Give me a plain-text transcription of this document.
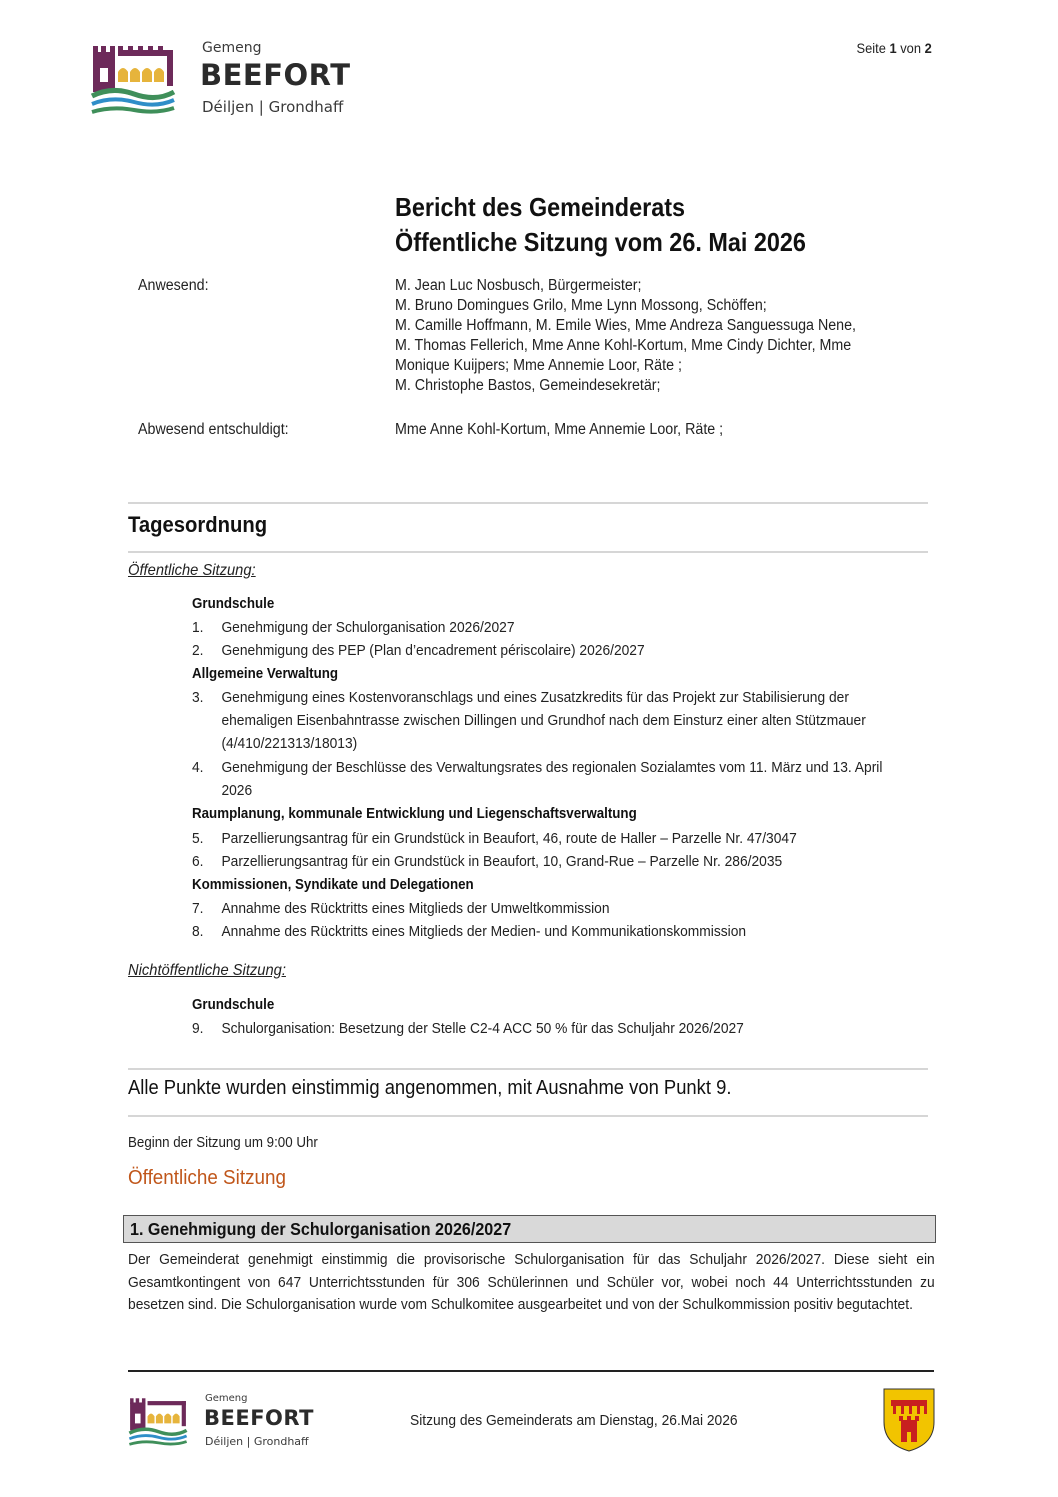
Gemeng
BEEFORT
Déiljen | Grondhaff
Seite 1 von 2
Bericht des Gemeinderats
Öffentliche Sitzung vom 26. Mai 2026
Anwesend:	M. Jean Luc Nosbusch, Bürgermeister;
M. Bruno Domingues Grilo, Mme Lynn Mossong, Schöffen;
M. Camille Hoffmann, M. Emile Wies, Mme Andreza Sanguessuga Nene,
M. Thomas Fellerich, Mme Anne Kohl-Kortum, Mme Cindy Dichter, Mme
Monique Kuijpers; Mme Annemie Loor, Räte ;
M. Christophe Bastos, Gemeindesekretär;
Abwesend entschuldigt:	Mme Anne Kohl-Kortum, Mme Annemie Loor, Räte ;
Tagesordnung
Öffentliche Sitzung:
Grundschule
1. Genehmigung der Schulorganisation 2026/2027
2. Genehmigung des PEP (Plan d’encadrement périscolaire) 2026/2027
Allgemeine Verwaltung
3. Genehmigung eines Kostenvoranschlags und eines Zusatzkredits für das Projekt zur Stabilisierung der
ehemaligen Eisenbahntrasse zwischen Dillingen und Grundhof nach dem Einsturz einer alten Stützmauer
(4/410/221313/18013)
4. Genehmigung der Beschlüsse des Verwaltungsrates des regionalen Sozialamtes vom 11. März und 13. April
2026
Raumplanung, kommunale Entwicklung und Liegenschaftsverwaltung
5. Parzellierungsantrag für ein Grundstück in Beaufort, 46, route de Haller – Parzelle Nr. 47/3047
6. Parzellierungsantrag für ein Grundstück in Beaufort, 10, Grand-Rue – Parzelle Nr. 286/2035
Kommissionen, Syndikate und Delegationen
7. Annahme des Rücktritts eines Mitglieds der Umweltkommission
8. Annahme des Rücktritts eines Mitglieds der Medien- und Kommunikationskommission
Nichtöffentliche Sitzung:
Grundschule
9. Schulorganisation: Besetzung der Stelle C2-4 ACC 50 % für das Schuljahr 2026/2027
Alle Punkte wurden einstimmig angenommen, mit Ausnahme von Punkt 9.
Beginn der Sitzung um 9:00 Uhr
Öffentliche Sitzung
1. Genehmigung der Schulorganisation 2026/2027
Der Gemeinderat genehmigt einstimmig die provisorische Schulorganisation für das Schuljahr 2026/2027. Diese sieht ein Gesamtkontingent von 647 Unterrichtsstunden für 306 Schülerinnen und Schüler vor, wobei noch 44 Unterrichtsstunden zu besetzen sind. Die Schulorganisation wurde vom Schulkomitee ausgearbeitet und von der Schulkommission positiv begutachtet.
Gemeng
BEEFORT
Déiljen | Grondhaff
Sitzung des Gemeinderats am Dienstag, 26.Mai 2026
